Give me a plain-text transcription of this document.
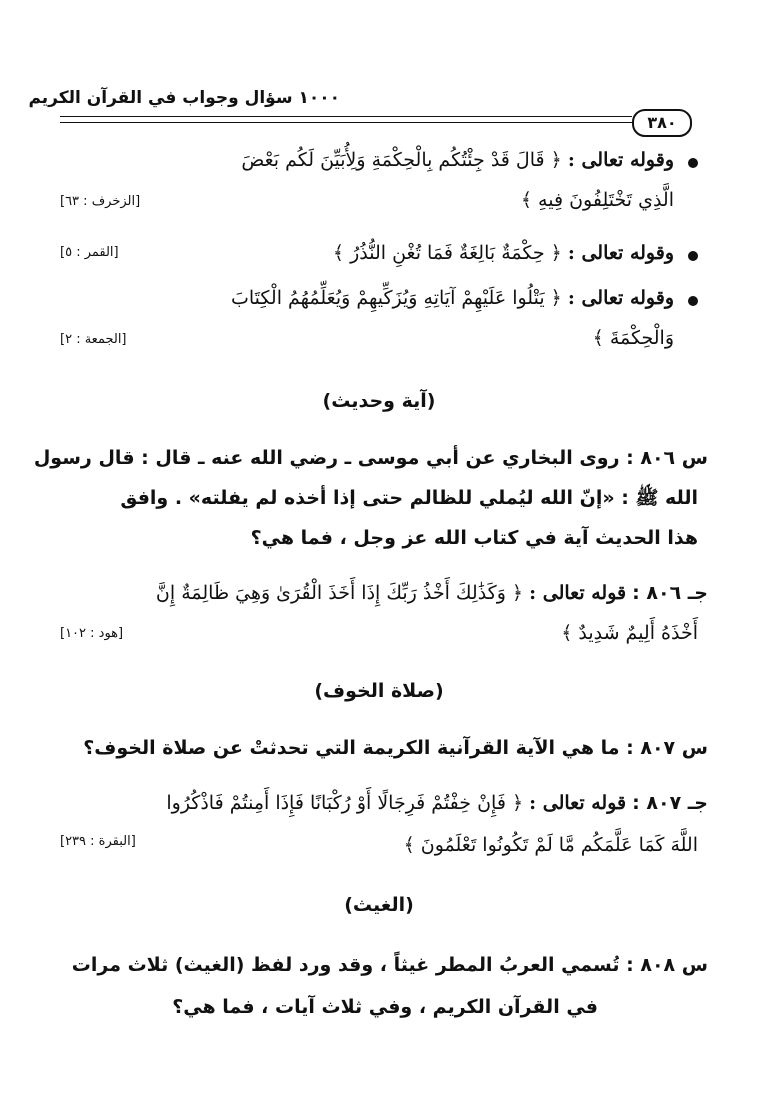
١٠٠٠ سؤال وجواب في القرآن الكريم
٣٨٠
وقوله تعالى : ﴿ قَالَ قَدْ جِئْتُكُم بِالْحِكْمَةِ وَلِأُبَيِّنَ لَكُم بَعْضَ
الَّذِي تَخْتَلِفُونَ فِيهِ ﴾
[الزخرف : ٦٣]
وقوله تعالى : ﴿ حِكْمَةٌ بَالِغَةٌ فَمَا تُغْنِ النُّذُرُ ﴾
[القمر : ٥]
وقوله تعالى : ﴿ يَتْلُوا عَلَيْهِمْ آيَاتِهِ وَيُزَكِّيهِمْ وَيُعَلِّمُهُمُ الْكِتَابَ
وَالْحِكْمَةَ ﴾
[الجمعة : ٢]
(آية وحديث)
س ٨٠٦ : روى البخاري عن أبي موسى ـ رضي الله عنه ـ قال : قال رسول
الله ﷺ : «إنّ الله ليُملي للظالم حتى إذا أخذه لم يفلته» . وافق
هذا الحديث آية في كتاب الله عز وجل ، فما هي؟
جـ ٨٠٦ : قوله تعالى : ﴿ وَكَذَٰلِكَ أَخْذُ رَبِّكَ إِذَا أَخَذَ الْقُرَىٰ وَهِيَ ظَالِمَةٌ إِنَّ
أَخْذَهُ أَلِيمٌ شَدِيدٌ ﴾
[هود : ١٠٢]
(صلاة الخوف)
س ٨٠٧ : ما هي الآية القرآنية الكريمة التي تحدثتْ عن صلاة الخوف؟
جـ ٨٠٧ : قوله تعالى : ﴿ فَإِنْ خِفْتُمْ فَرِجَالًا أَوْ رُكْبَانًا فَإِذَا أَمِنتُمْ فَاذْكُرُوا
اللَّهَ كَمَا عَلَّمَكُم مَّا لَمْ تَكُونُوا تَعْلَمُونَ ﴾
[البقرة : ٢٣٩]
(الغيث)
س ٨٠٨ : تُسمي العربُ المطر غيثاً ، وقد ورد لفظ (الغيث) ثلاث مرات
في القرآن الكريم ، وفي ثلاث آيات ، فما هي؟
